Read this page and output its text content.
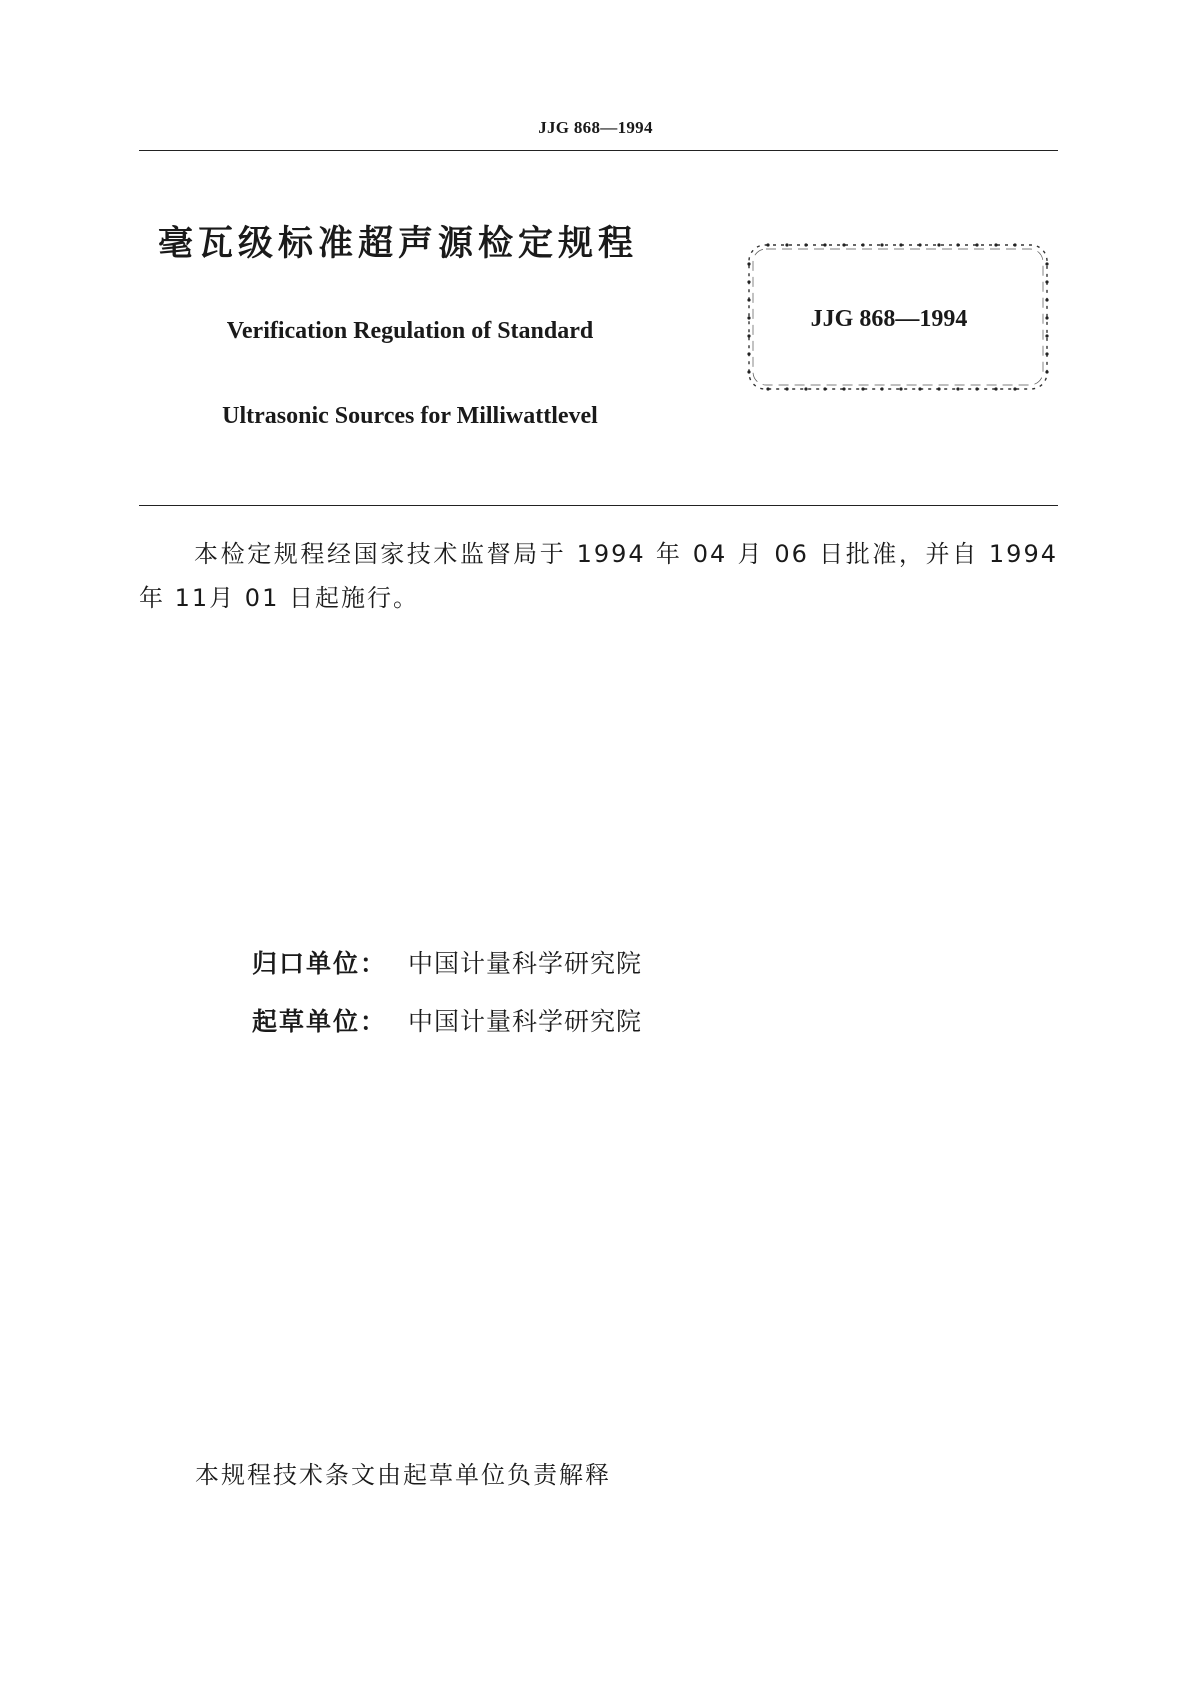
JJG 868—1994
毫瓦级标准超声源检定规程
Verification Regulation of Standard
Ultrasonic Sources for Milliwattlevel
JJG 868—1994
本检定规程经国家技术监督局于 1994 年 04 月 06 日批准，并自 1994 年 11月 01 日起施行。
归口单位： 中国计量科学研究院
起草单位： 中国计量科学研究院
本规程技术条文由起草单位负责解释
